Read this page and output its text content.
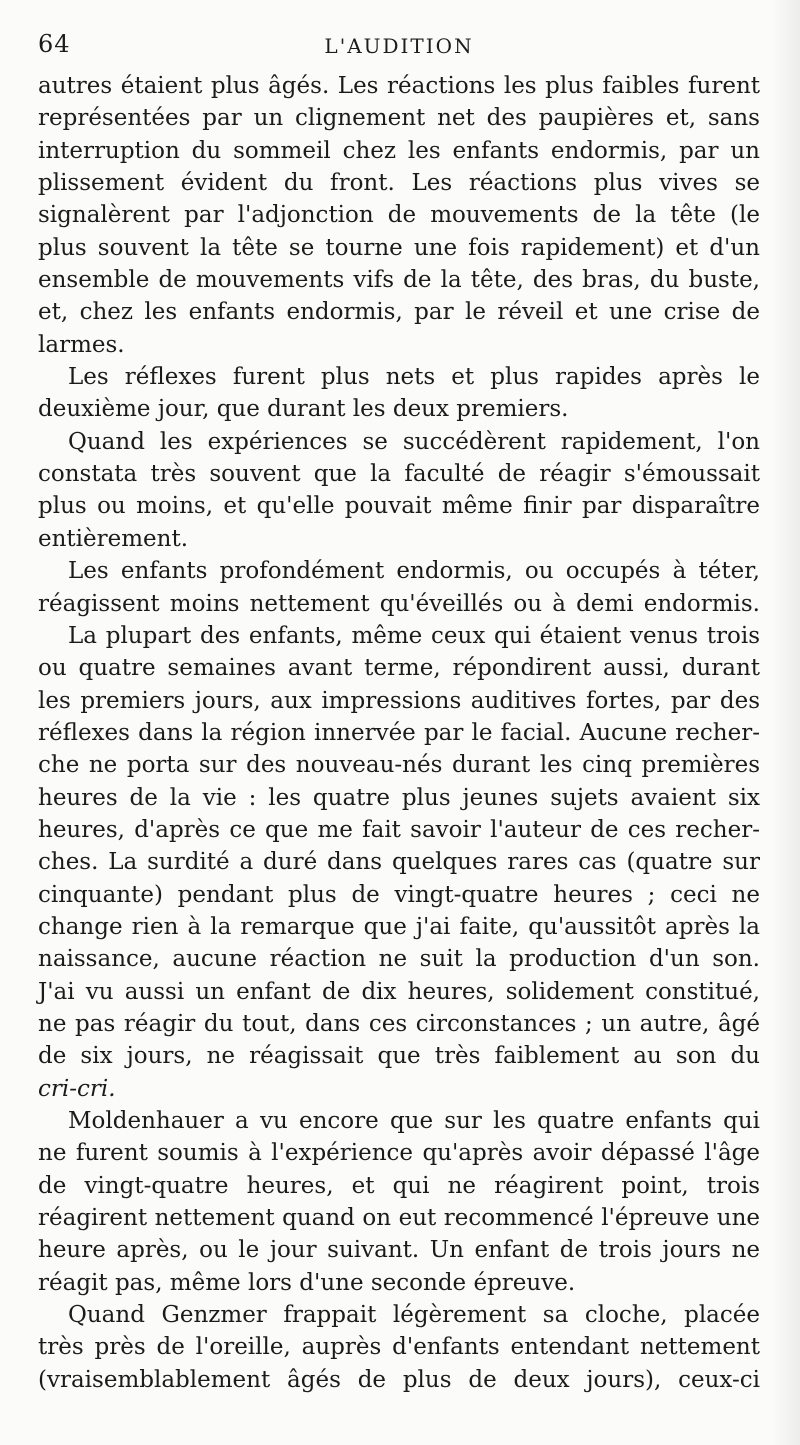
64	L'AUDITION
autres étaient plus âgés. Les réactions les plus faibles furent
représentées par un clignement net des paupières et, sans
interruption du sommeil chez les enfants endormis, par un
plissement évident du front. Les réactions plus vives se
signalèrent par l'adjonction de mouvements de la tête (le
plus souvent la tête se tourne une fois rapidement) et d'un
ensemble de mouvements vifs de la tête, des bras, du buste,
et, chez les enfants endormis, par le réveil et une crise de
larmes.
Les réflexes furent plus nets et plus rapides après le
deuxième jour, que durant les deux premiers.
Quand les expériences se succédèrent rapidement, l'on
constata très souvent que la faculté de réagir s'émoussait
plus ou moins, et qu'elle pouvait même finir par disparaître
entièrement.
Les enfants profondément endormis, ou occupés à téter,
réagissent moins nettement qu'éveillés ou à demi endormis.
La plupart des enfants, même ceux qui étaient venus trois
ou quatre semaines avant terme, répondirent aussi, durant
les premiers jours, aux impressions auditives fortes, par des
réflexes dans la région innervée par le facial. Aucune recher-
che ne porta sur des nouveau-nés durant les cinq premières
heures de la vie : les quatre plus jeunes sujets avaient six
heures, d'après ce que me fait savoir l'auteur de ces recher-
ches. La surdité a duré dans quelques rares cas (quatre sur
cinquante) pendant plus de vingt-quatre heures ; ceci ne
change rien à la remarque que j'ai faite, qu'aussitôt après la
naissance, aucune réaction ne suit la production d'un son.
J'ai vu aussi un enfant de dix heures, solidement constitué,
ne pas réagir du tout, dans ces circonstances ; un autre, âgé
de six jours, ne réagissait que très faiblement au son du
cri-cri.
Moldenhauer a vu encore que sur les quatre enfants qui
ne furent soumis à l'expérience qu'après avoir dépassé l'âge
de vingt-quatre heures, et qui ne réagirent point, trois
réagirent nettement quand on eut recommencé l'épreuve une
heure après, ou le jour suivant. Un enfant de trois jours ne
réagit pas, même lors d'une seconde épreuve.
Quand Genzmer frappait légèrement sa cloche, placée
très près de l'oreille, auprès d'enfants entendant nettement
(vraisemblablement âgés de plus de deux jours), ceux-ci
